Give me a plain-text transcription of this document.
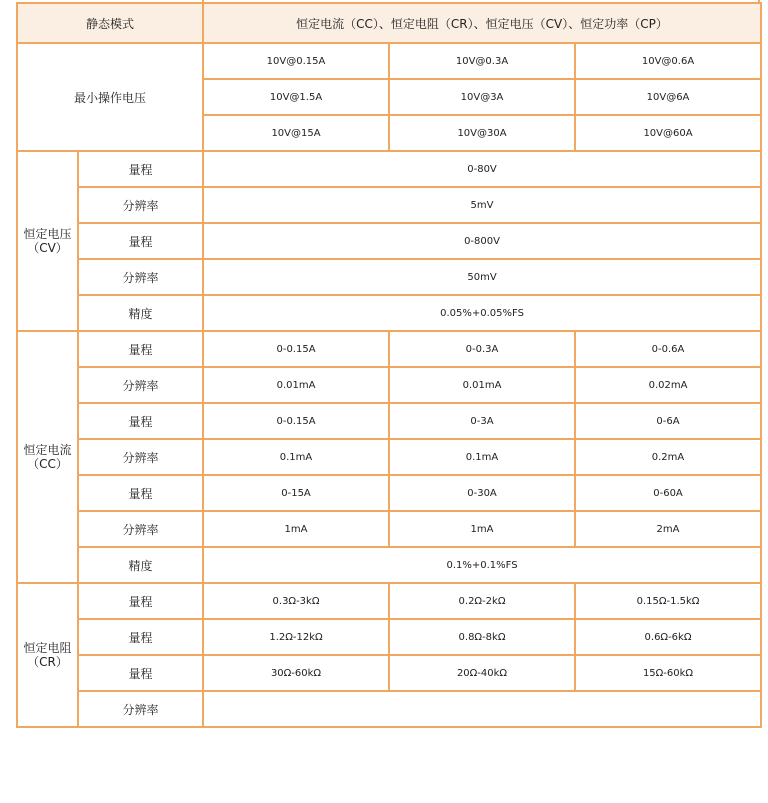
静态模式		恒定电流（CC）、恒定电阻（CR）、恒定电压（CV）、恒定功率（CP）		
最小操作电压		10V@0.15A	10V@0.3A	10V@0.6A
		10V@1.5A	10V@3A	10V@6A
		10V@15A	10V@30A	10V@60A

恒定电压
（CV）	量程	0-80V		
	分辨率	5mV		
	量程	0-800V		
	分辨率	50mV		
	精度	0.05%+0.05%FS		

恒定电流
（CC）	量程	0-0.15A	0-0.3A	0-0.6A
	分辨率	0.01mA	0.01mA	0.02mA
	量程	0-0.15A	0-3A	0-6A
	分辨率	0.1mA	0.1mA	0.2mA
	量程	0-15A	0-30A	0-60A
	分辨率	1mA	1mA	2mA
	精度	0.1%+0.1%FS		

恒定电阻
（CR）	量程	0.3Ω-3kΩ	0.2Ω-2kΩ	0.15Ω-1.5kΩ
	量程	1.2Ω-12kΩ	0.8Ω-8kΩ	0.6Ω-6kΩ
	量程	30Ω-60kΩ	20Ω-40kΩ	15Ω-60kΩ
	分辨率			
